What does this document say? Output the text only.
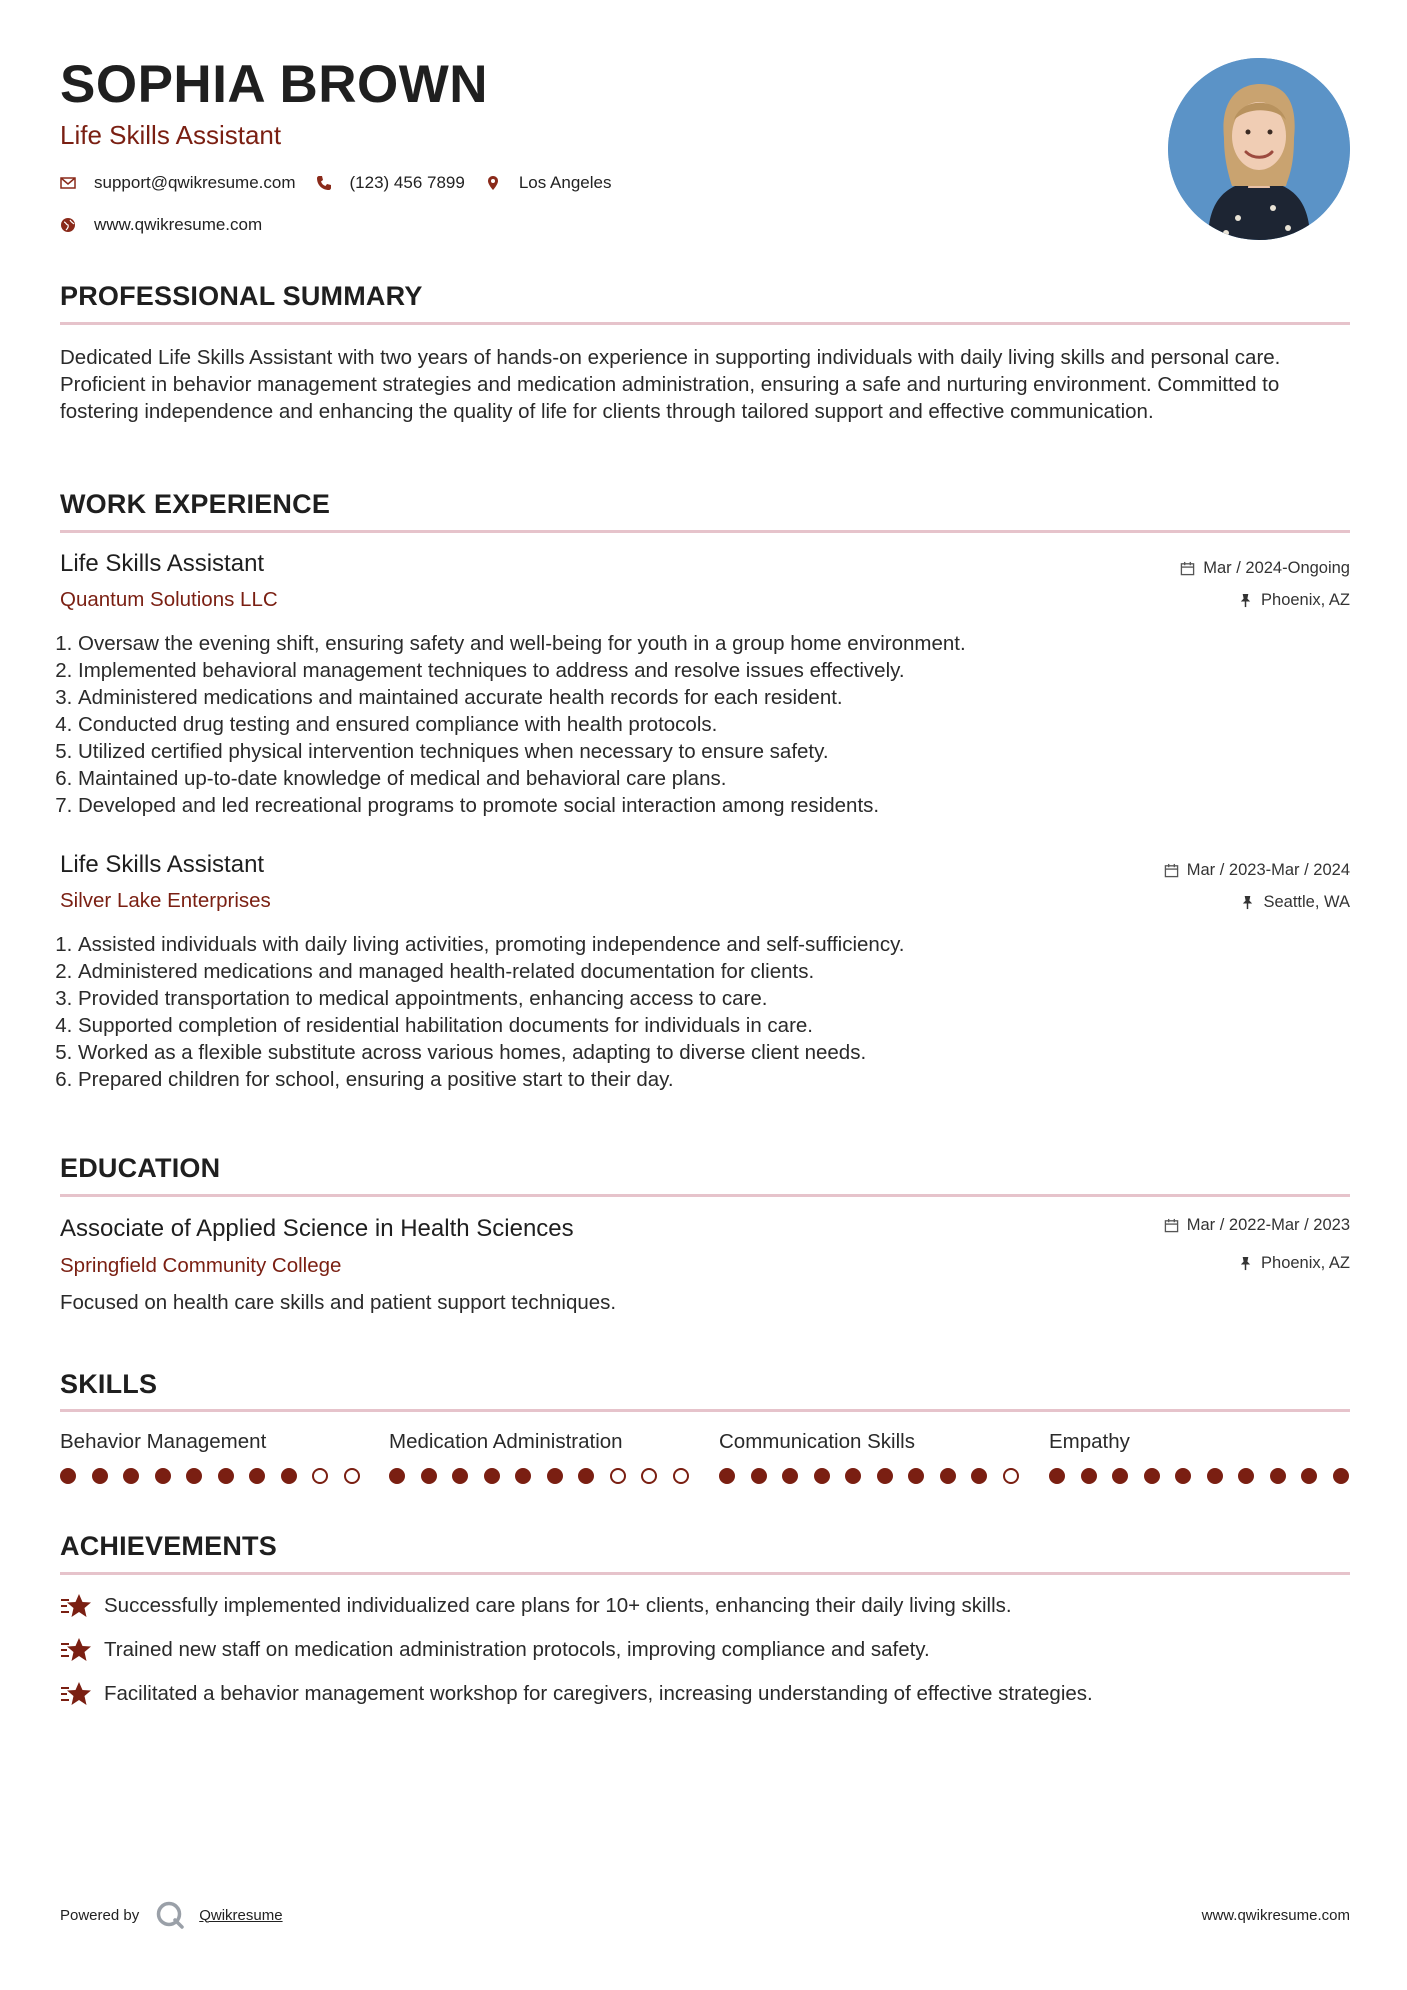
SOPHIA BROWN
Life Skills Assistant
support@qwikresume.com	(123) 456 7899	Los Angeles
www.qwikresume.com
PROFESSIONAL SUMMARY

Dedicated Life Skills Assistant with two years of hands-on experience in supporting individuals with daily living skills and personal care. Proficient in behavior management strategies and medication administration, ensuring a safe and nurturing environment. Committed to fostering independence and enhancing the quality of life for clients through tailored support and effective communication.

WORK EXPERIENCE
Life Skills Assistant
Quantum Solutions LLC
Mar / 2024-Ongoing
Phoenix, AZ
1. Oversaw the evening shift, ensuring safety and well-being for youth in a group home environment.
2. Implemented behavioral management techniques to address and resolve issues effectively.
3. Administered medications and maintained accurate health records for each resident.
4. Conducted drug testing and ensured compliance with health protocols.
5. Utilized certified physical intervention techniques when necessary to ensure safety.
6. Maintained up-to-date knowledge of medical and behavioral care plans.
7. Developed and led recreational programs to promote social interaction among residents.
Life Skills Assistant
Silver Lake Enterprises
Mar / 2023-Mar / 2024
Seattle, WA
1. Assisted individuals with daily living activities, promoting independence and self-sufficiency.
2. Administered medications and managed health-related documentation for clients.
3. Provided transportation to medical appointments, enhancing access to care.
4. Supported completion of residential habilitation documents for individuals in care.
5. Worked as a flexible substitute across various homes, adapting to diverse client needs.
6. Prepared children for school, ensuring a positive start to their day.
EDUCATION
Associate of Applied Science in Health Sciences
Springfield Community College
Mar / 2022-Mar / 2023
Phoenix, AZ

Focused on health care skills and patient support techniques.

SKILLS
Behavior Management	Medication Administration	Communication Skills	Empathy
ACHIEVEMENTS
Successfully implemented individualized care plans for 10+ clients, enhancing their daily living skills.
Trained new staff on medication administration protocols, improving compliance and safety.
Facilitated a behavior management workshop for caregivers, increasing understanding of effective strategies.
Powered by	Qwikresume	www.qwikresume.com
